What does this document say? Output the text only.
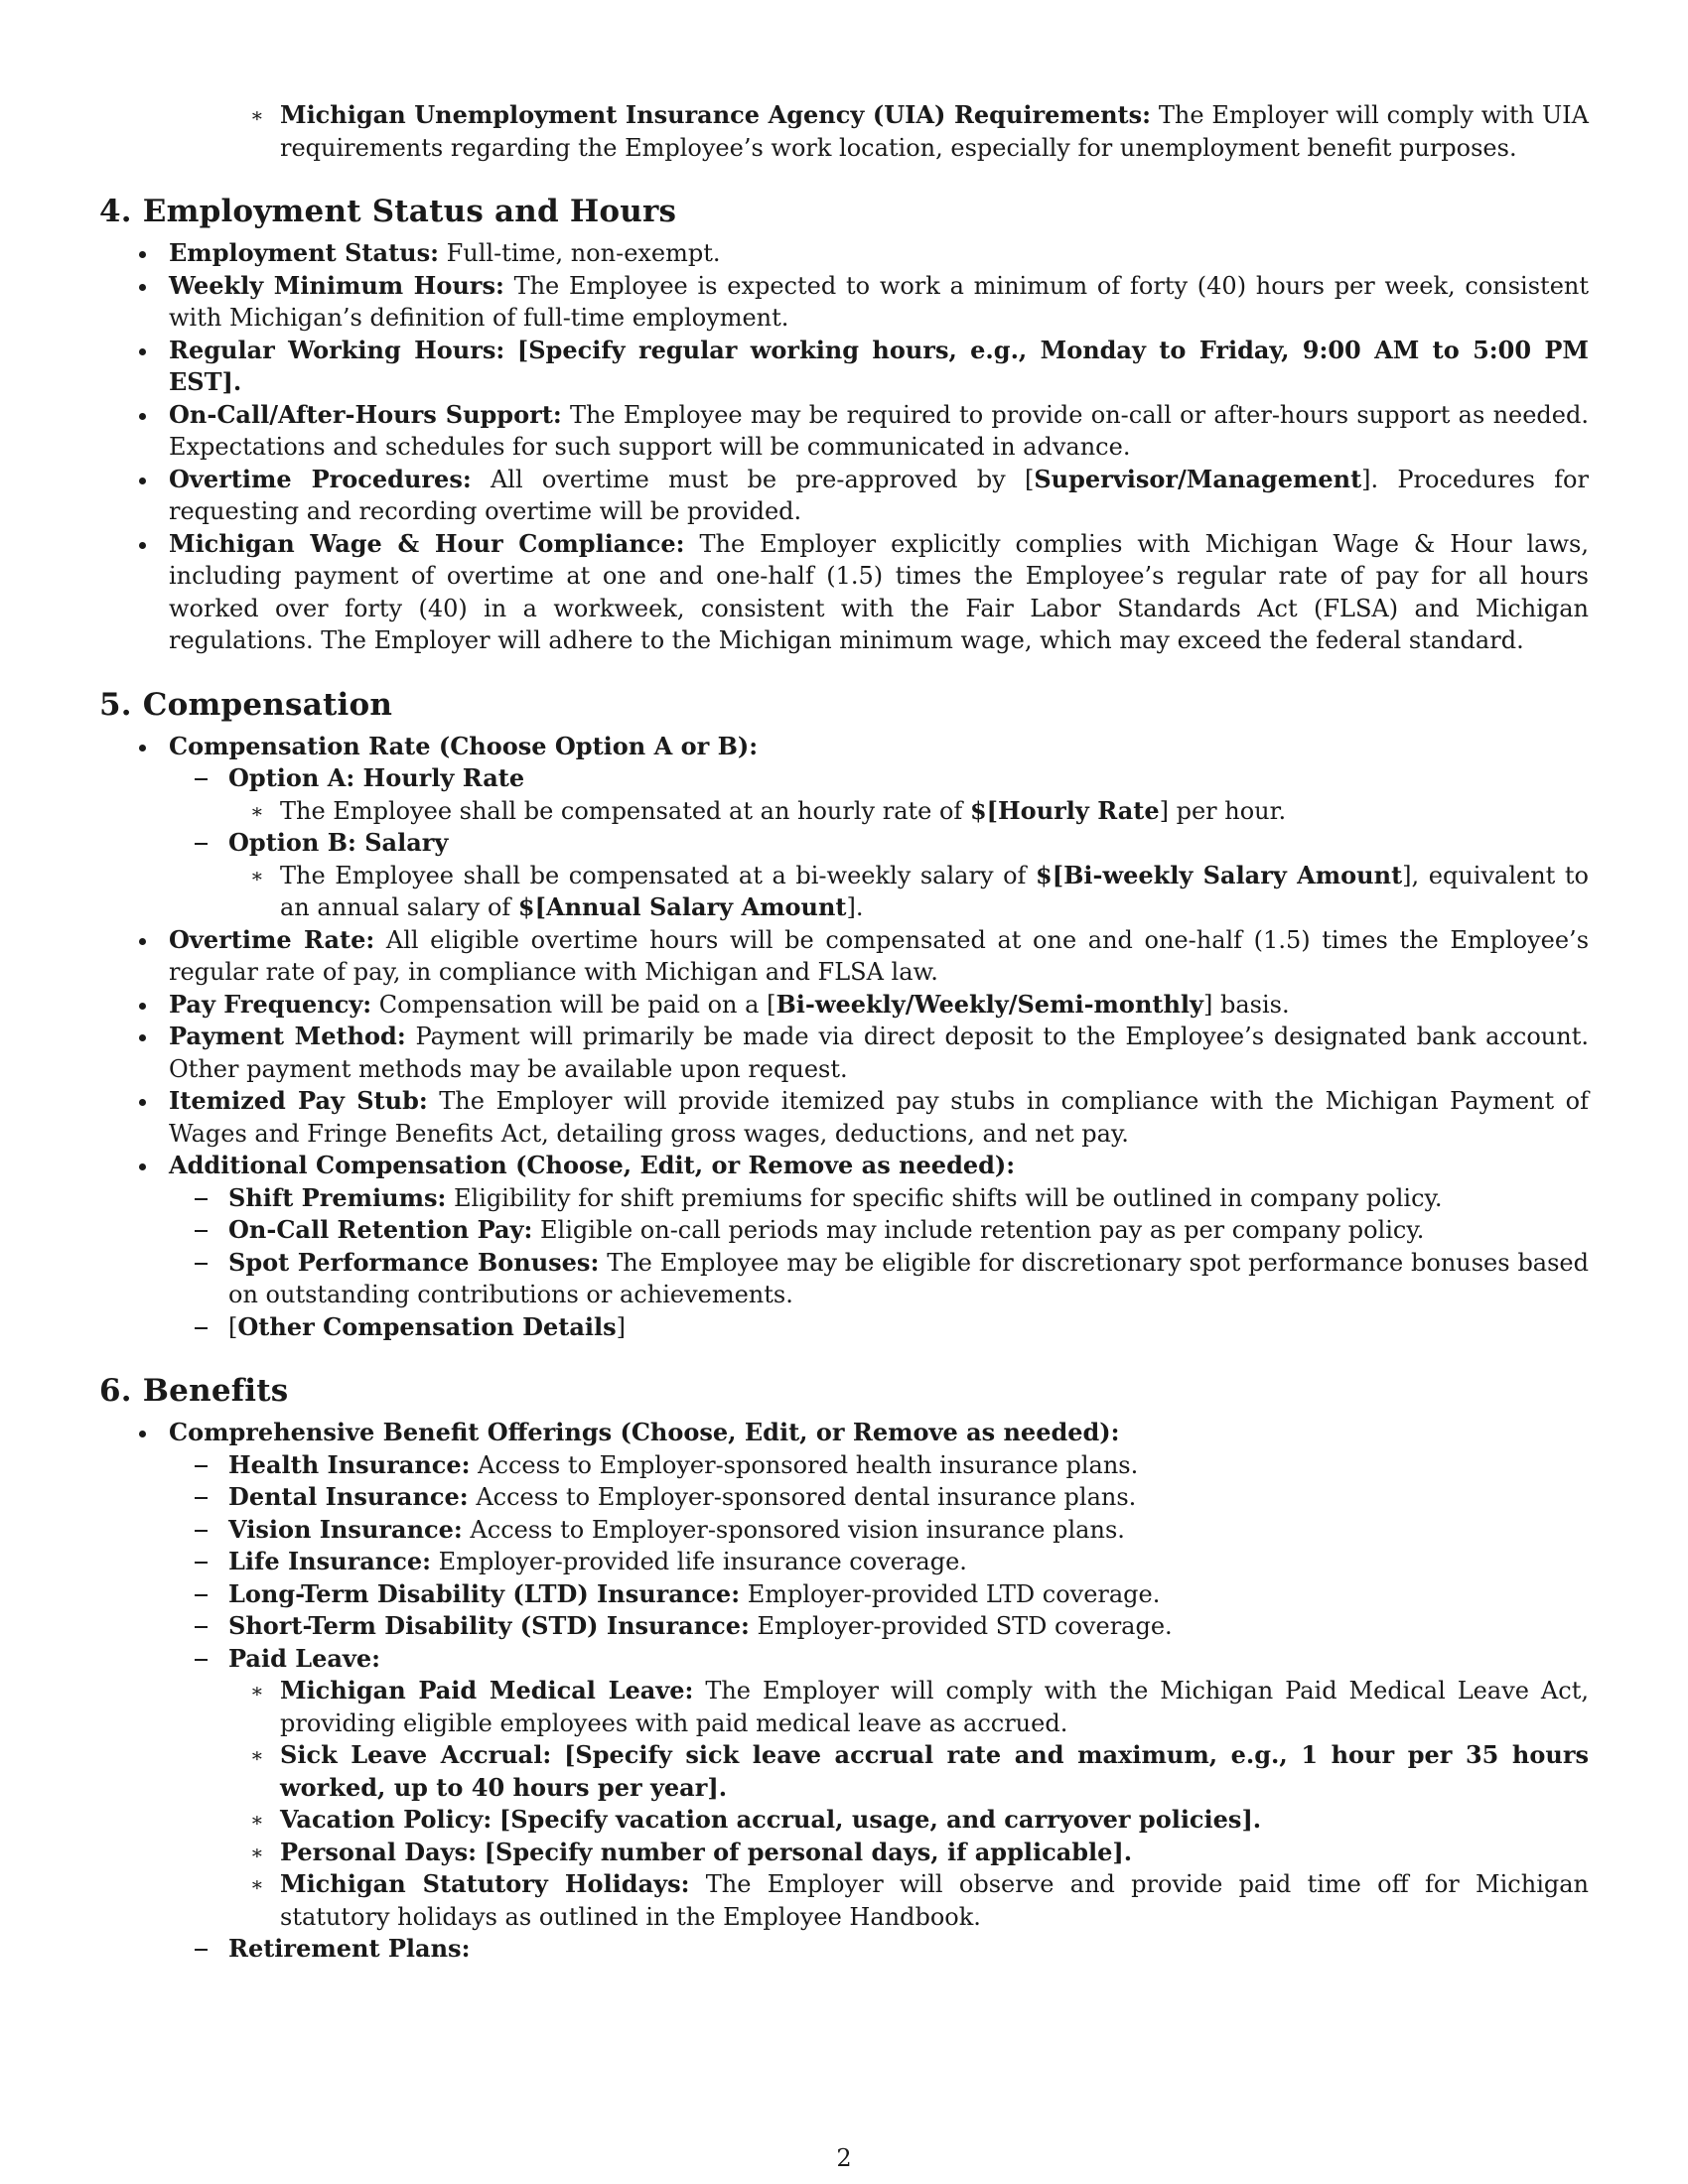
∗ Michigan Unemployment Insurance Agency (UIA) Requirements: The Employer will comply with UIA requirements regarding the Employee’s work location, especially for unemployment benefit purposes.
4. Employment Status and Hours
Employment Status: Full-time, non-exempt.
Weekly Minimum Hours: The Employee is expected to work a minimum of forty (40) hours per week, consistent with Michigan’s definition of full-time employment.
Regular Working Hours: [Specify regular working hours, e.g., Monday to Friday, 9:00 AM to 5:00 PM EST].
On-Call/After-Hours Support: The Employee may be required to provide on-call or after-hours support as needed. Expectations and schedules for such support will be communicated in advance.
Overtime Procedures: All overtime must be pre-approved by [Supervisor/Management]. Procedures for requesting and recording overtime will be provided.
Michigan Wage & Hour Compliance: The Employer explicitly complies with Michigan Wage & Hour laws, including payment of overtime at one and one-half (1.5) times the Employee’s regular rate of pay for all hours worked over forty (40) in a workweek, consistent with the Fair Labor Standards Act (FLSA) and Michigan regulations. The Employer will adhere to the Michigan minimum wage, which may exceed the federal standard.
5. Compensation
Compensation Rate (Choose Option A or B):
Option A: Hourly Rate
∗ The Employee shall be compensated at an hourly rate of $[Hourly Rate] per hour.
Option B: Salary
∗ The Employee shall be compensated at a bi-weekly salary of $[Bi-weekly Salary Amount], equivalent to an annual salary of $[Annual Salary Amount].
Overtime Rate: All eligible overtime hours will be compensated at one and one-half (1.5) times the Employee’s regular rate of pay, in compliance with Michigan and FLSA law.
Pay Frequency: Compensation will be paid on a [Bi-weekly/Weekly/Semi-monthly] basis.
Payment Method: Payment will primarily be made via direct deposit to the Employee’s designated bank account. Other payment methods may be available upon request.
Itemized Pay Stub: The Employer will provide itemized pay stubs in compliance with the Michigan Payment of Wages and Fringe Benefits Act, detailing gross wages, deductions, and net pay.
Additional Compensation (Choose, Edit, or Remove as needed):
Shift Premiums: Eligibility for shift premiums for specific shifts will be outlined in company policy.
On-Call Retention Pay: Eligible on-call periods may include retention pay as per company policy.
Spot Performance Bonuses: The Employee may be eligible for discretionary spot performance bonuses based on outstanding contributions or achievements.
[Other Compensation Details]
6. Benefits
Comprehensive Benefit Offerings (Choose, Edit, or Remove as needed):
Health Insurance: Access to Employer-sponsored health insurance plans.
Dental Insurance: Access to Employer-sponsored dental insurance plans.
Vision Insurance: Access to Employer-sponsored vision insurance plans.
Life Insurance: Employer-provided life insurance coverage.
Long-Term Disability (LTD) Insurance: Employer-provided LTD coverage.
Short-Term Disability (STD) Insurance: Employer-provided STD coverage.
Paid Leave:
∗ Michigan Paid Medical Leave: The Employer will comply with the Michigan Paid Medical Leave Act, providing eligible employees with paid medical leave as accrued.
∗ Sick Leave Accrual: [Specify sick leave accrual rate and maximum, e.g., 1 hour per 35 hours worked, up to 40 hours per year].
∗ Vacation Policy: [Specify vacation accrual, usage, and carryover policies].
∗ Personal Days: [Specify number of personal days, if applicable].
∗ Michigan Statutory Holidays: The Employer will observe and provide paid time off for Michigan statutory holidays as outlined in the Employee Handbook.
Retirement Plans:
2
